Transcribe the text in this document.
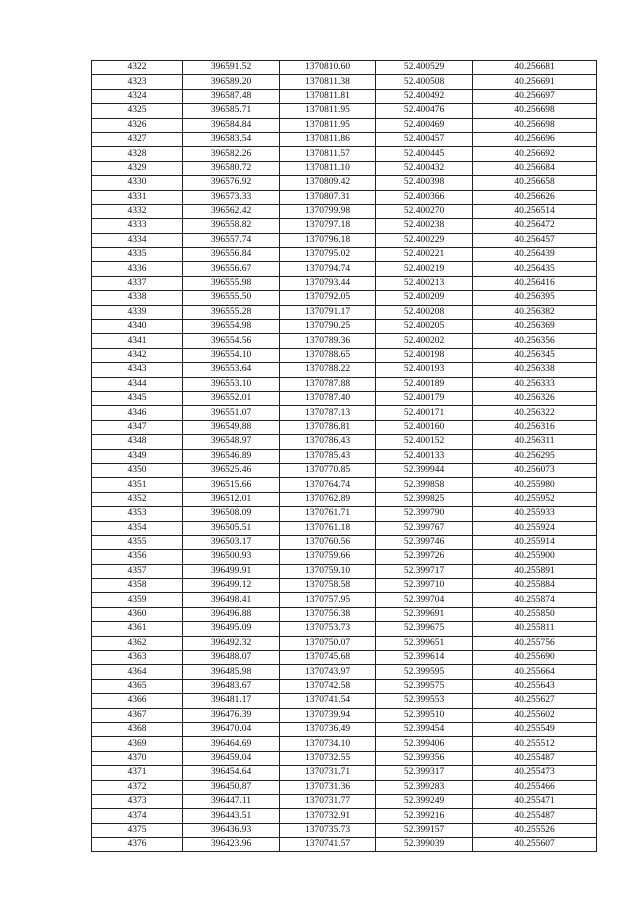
4322	396591.52	1370810.60	52.400529	40.256681
4323	396589.20	1370811.38	52.400508	40.256691
4324	396587.48	1370811.81	52.400492	40.256697
4325	396585.71	1370811.95	52.400476	40.256698
4326	396584.84	1370811.95	52.400469	40.256698
4327	396583.54	1370811.86	52.400457	40.256696
4328	396582.26	1370811.57	52.400445	40.256692
4329	396580.72	1370811.10	52.400432	40.256684
4330	396576.92	1370809.42	52.400398	40.256658
4331	396573.33	1370807.31	52.400366	40.256626
4332	396562.42	1370799.98	52.400270	40.256514
4333	396558.82	1370797.18	52.400238	40.256472
4334	396557.74	1370796.18	52.400229	40.256457
4335	396556.84	1370795.02	52.400221	40.256439
4336	396556.67	1370794.74	52.400219	40.256435
4337	396555.98	1370793.44	52.400213	40.256416
4338	396555.50	1370792.05	52.400209	40.256395
4339	396555.28	1370791.17	52.400208	40.256382
4340	396554.98	1370790.25	52.400205	40.256369
4341	396554.56	1370789.36	52.400202	40.256356
4342	396554.10	1370788.65	52.400198	40.256345
4343	396553.64	1370788.22	52.400193	40.256338
4344	396553.10	1370787.88	52.400189	40.256333
4345	396552.01	1370787.40	52.400179	40.256326
4346	396551.07	1370787.13	52.400171	40.256322
4347	396549.88	1370786.81	52.400160	40.256316
4348	396548.97	1370786.43	52.400152	40.256311
4349	396546.89	1370785.43	52.400133	40.256295
4350	396525.46	1370770.85	52.399944	40.256073
4351	396515.66	1370764.74	52.399858	40.255980
4352	396512.01	1370762.89	52.399825	40.255952
4353	396508.09	1370761.71	52.399790	40.255933
4354	396505.51	1370761.18	52.399767	40.255924
4355	396503.17	1370760.56	52.399746	40.255914
4356	396500.93	1370759.66	52.399726	40.255900
4357	396499.91	1370759.10	52.399717	40.255891
4358	396499.12	1370758.58	52.399710	40.255884
4359	396498.41	1370757.95	52.399704	40.255874
4360	396496.88	1370756.38	52.399691	40.255850
4361	396495.09	1370753.73	52.399675	40.255811
4362	396492.32	1370750.07	52.399651	40.255756
4363	396488.07	1370745.68	52.399614	40.255690
4364	396485.98	1370743.97	52.399595	40.255664
4365	396483.67	1370742.58	52.399575	40.255643
4366	396481.17	1370741.54	52.399553	40.255627
4367	396476.39	1370739.94	52.399510	40.255602
4368	396470.04	1370736.49	52.399454	40.255549
4369	396464.69	1370734.10	52.399406	40.255512
4370	396459.04	1370732.55	52.399356	40.255487
4371	396454.64	1370731.71	52.399317	40.255473
4372	396450.87	1370731.36	52.399283	40.255466
4373	396447.11	1370731.77	52.399249	40.255471
4374	396443.51	1370732.91	52.399216	40.255487
4375	396436.93	1370735.73	52.399157	40.255526
4376	396423.96	1370741.57	52.399039	40.255607
